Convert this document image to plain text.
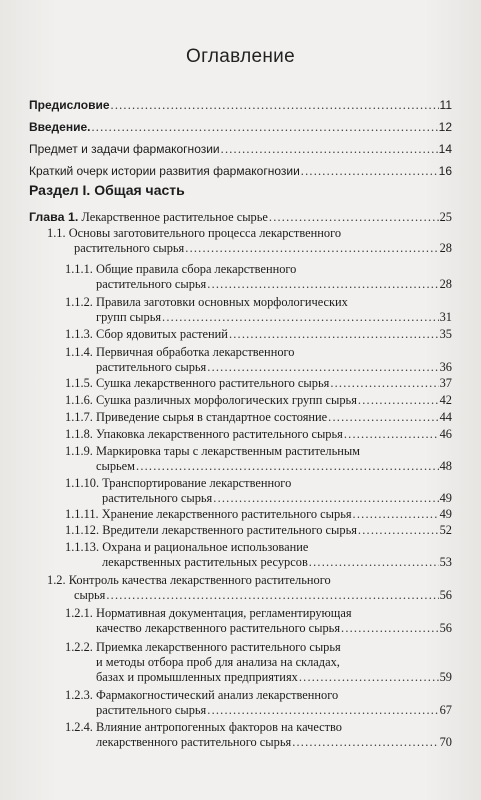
Оглавление
Предисловие .....	11
Введение. .....	12
Предмет и задачи фармакогнозии .....	14
Краткий очерк истории развития фармакогнозии .....	16
Раздел I. Общая часть
Глава 1. Лекарственное растительное сырье .....	25
1.1. Основы заготовительного процесса лекарственного
растительного сырья .....	28
1.1.1. Общие правила сбора лекарственного
растительного сырья .....	28
1.1.2. Правила заготовки основных морфологических
групп сырья .....	31
1.1.3. Сбор ядовитых растений .....	35
1.1.4. Первичная обработка лекарственного
растительного сырья .....	36
1.1.5. Сушка лекарственного растительного сырья .....	37
1.1.6. Сушка различных морфологических групп сырья .....	42
1.1.7. Приведение сырья в стандартное состояние .....	44
1.1.8. Упаковка лекарственного растительного сырья .....	46
1.1.9. Маркировка тары с лекарственным растительным
сырьем .....	48
1.1.10. Транспортирование лекарственного
растительного сырья .....	49
1.1.11. Хранение лекарственного растительного сырья .....	49
1.1.12. Вредители лекарственного растительного сырья .....	52
1.1.13. Охрана и рациональное использование
лекарственных растительных ресурсов .....	53
1.2. Контроль качества лекарственного растительного
сырья .....	56
1.2.1. Нормативная документация, регламентирующая
качество лекарственного растительного сырья .....	56
1.2.2. Приемка лекарственного растительного сырья
и методы отбора проб для анализа на складах,
базах и промышленных предприятиях .....	59
1.2.3. Фармакогностический анализ лекарственного
растительного сырья .....	67
1.2.4. Влияние антропогенных факторов на качество
лекарственного растительного сырья .....	70
